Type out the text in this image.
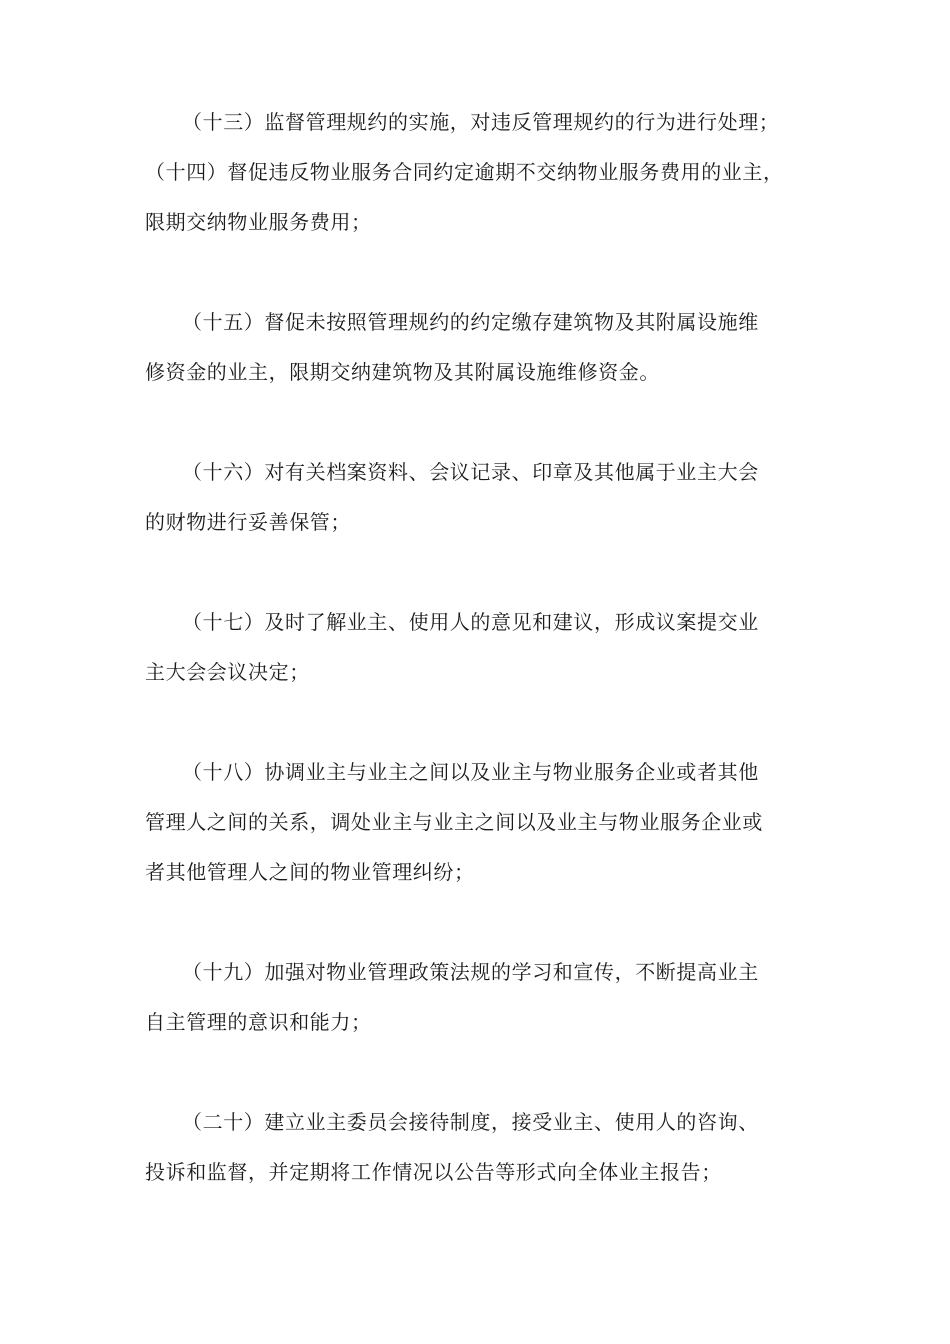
（十三）监督管理规约的实施，对违反管理规约的行为进行处理；
（十四）督促违反物业服务合同约定逾期不交纳物业服务费用的业主，
限期交纳物业服务费用；
（十五）督促未按照管理规约的约定缴存建筑物及其附属设施维
修资金的业主，限期交纳建筑物及其附属设施维修资金。
（十六）对有关档案资料、会议记录、印章及其他属于业主大会
的财物进行妥善保管；
（十七）及时了解业主、使用人的意见和建议，形成议案提交业
主大会会议决定；
（十八）协调业主与业主之间以及业主与物业服务企业或者其他
管理人之间的关系，调处业主与业主之间以及业主与物业服务企业或
者其他管理人之间的物业管理纠纷；
（十九）加强对物业管理政策法规的学习和宣传，不断提高业主
自主管理的意识和能力；
（二十）建立业主委员会接待制度，接受业主、使用人的咨询、
投诉和监督，并定期将工作情况以公告等形式向全体业主报告；
